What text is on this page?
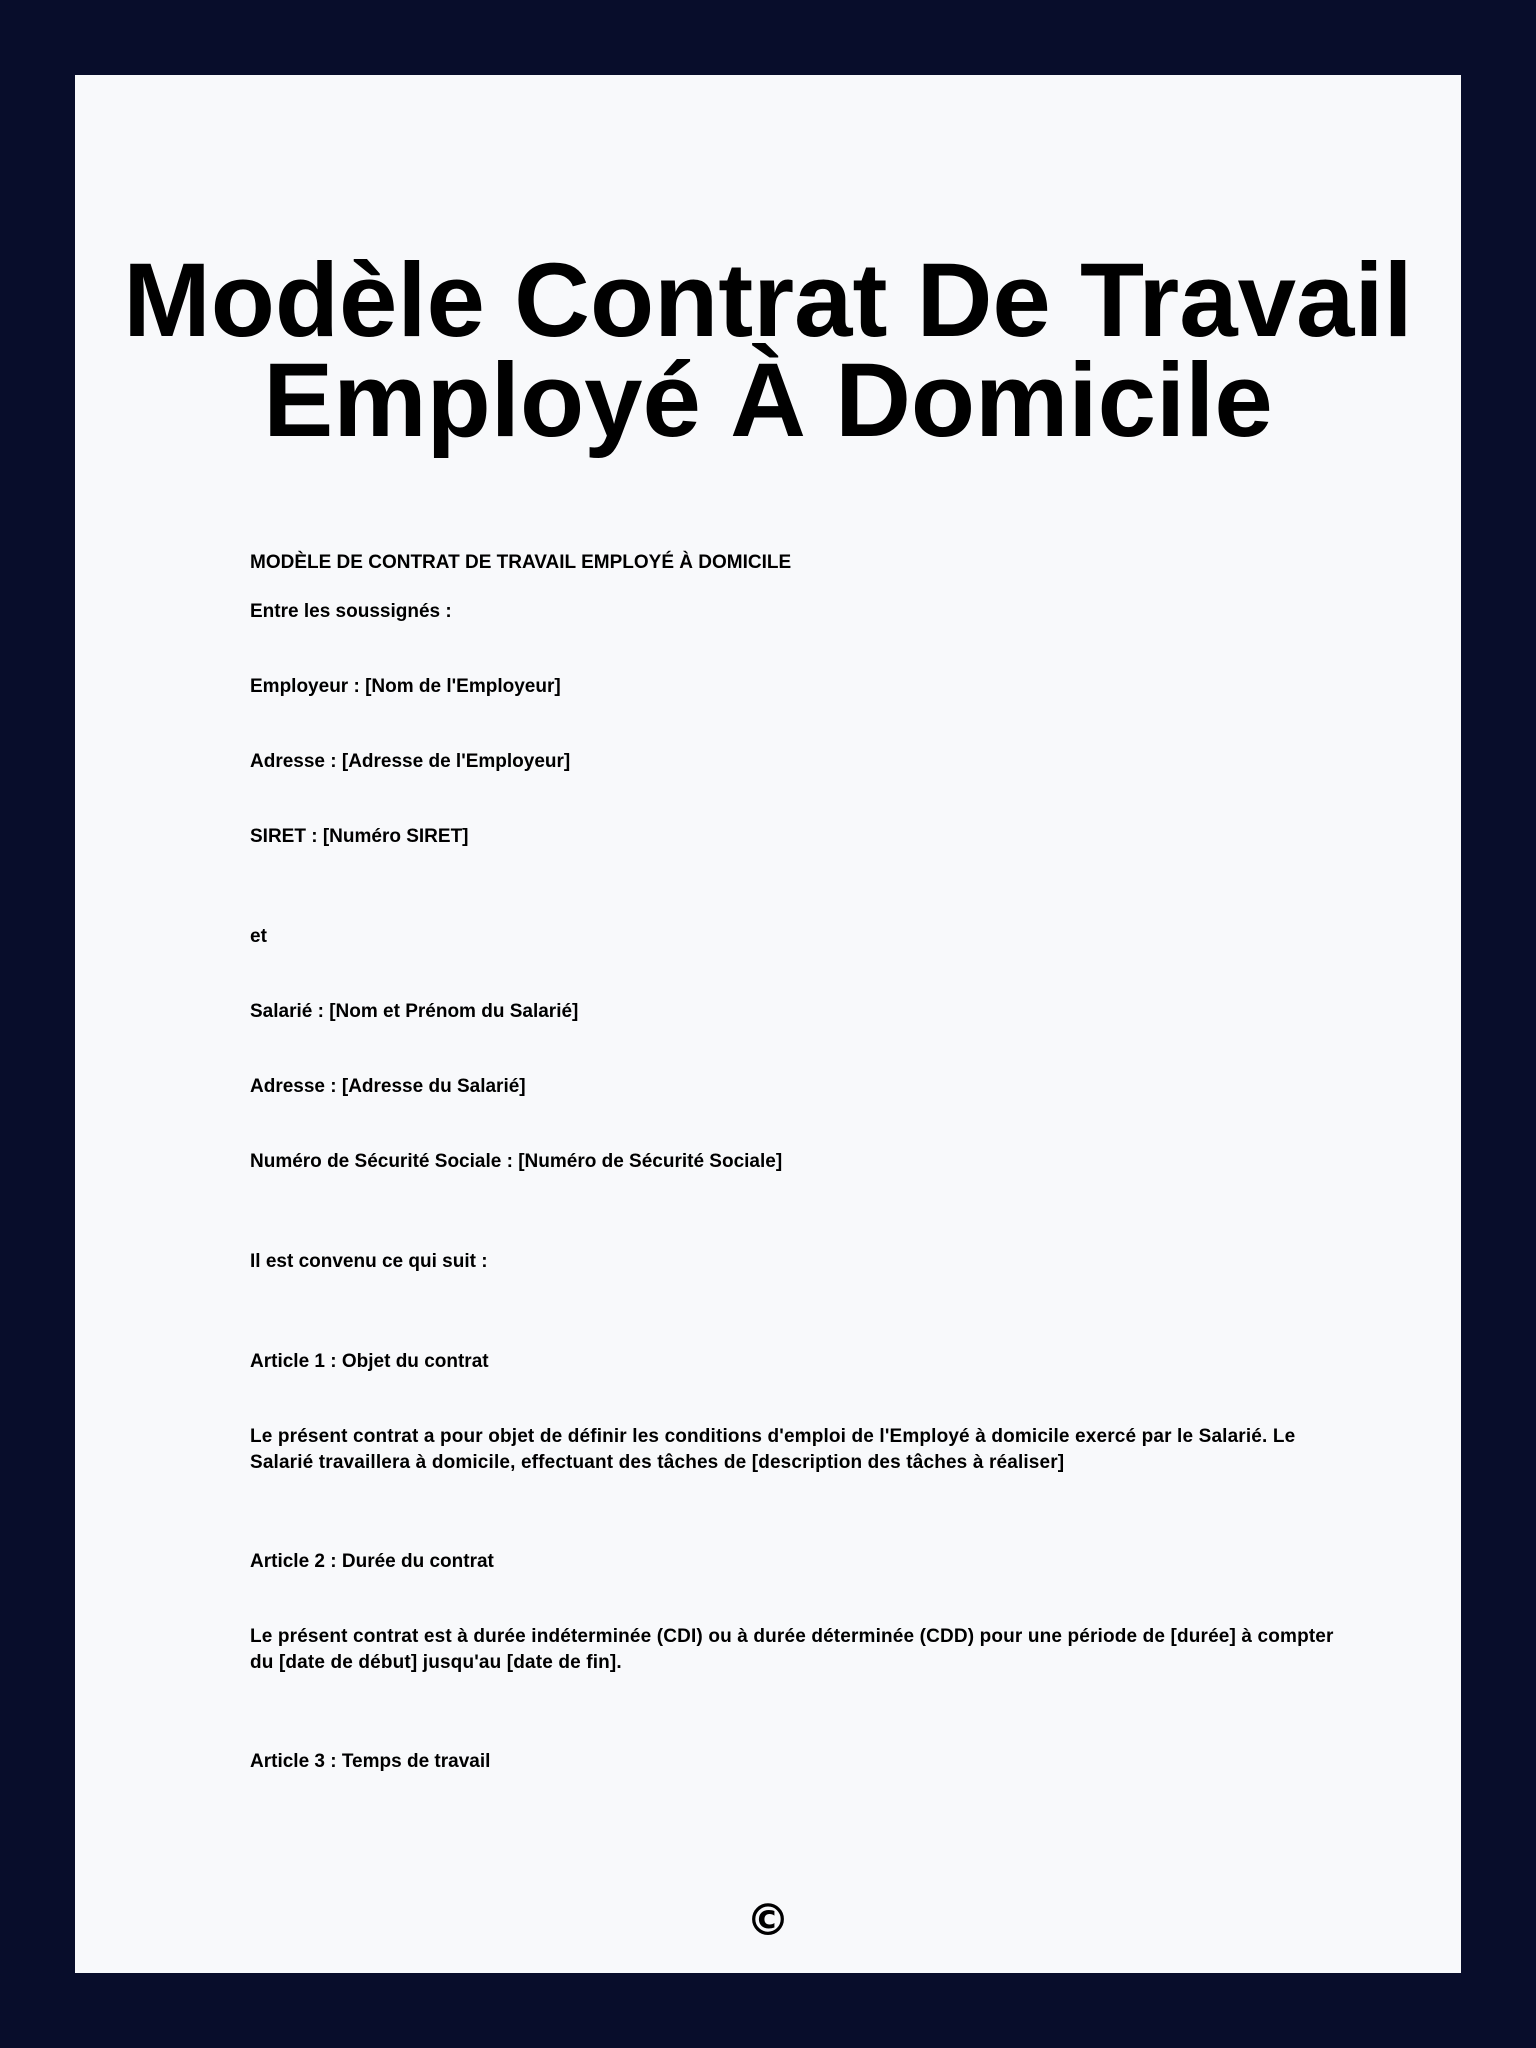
Modèle Contrat De Travail
Employé À Domicile

MODÈLE DE CONTRAT DE TRAVAIL EMPLOYÉ À DOMICILE

Entre les soussignés :

Employeur : [Nom de l'Employeur]

Adresse : [Adresse de l'Employeur]

SIRET : [Numéro SIRET]

et

Salarié : [Nom et Prénom du Salarié]

Adresse : [Adresse du Salarié]

Numéro de Sécurité Sociale : [Numéro de Sécurité Sociale]

Il est convenu ce qui suit :

Article 1 : Objet du contrat

Le présent contrat a pour objet de définir les conditions d'emploi de l'Employé à domicile exercé par le Salarié. Le Salarié travaillera à domicile, effectuant des tâches de [description des tâches à réaliser]

Article 2 : Durée du contrat

Le présent contrat est à durée indéterminée (CDI) ou à durée déterminée (CDD) pour une période de [durée] à compter du [date de début] jusqu'au [date de fin].

Article 3 : Temps de travail

©
